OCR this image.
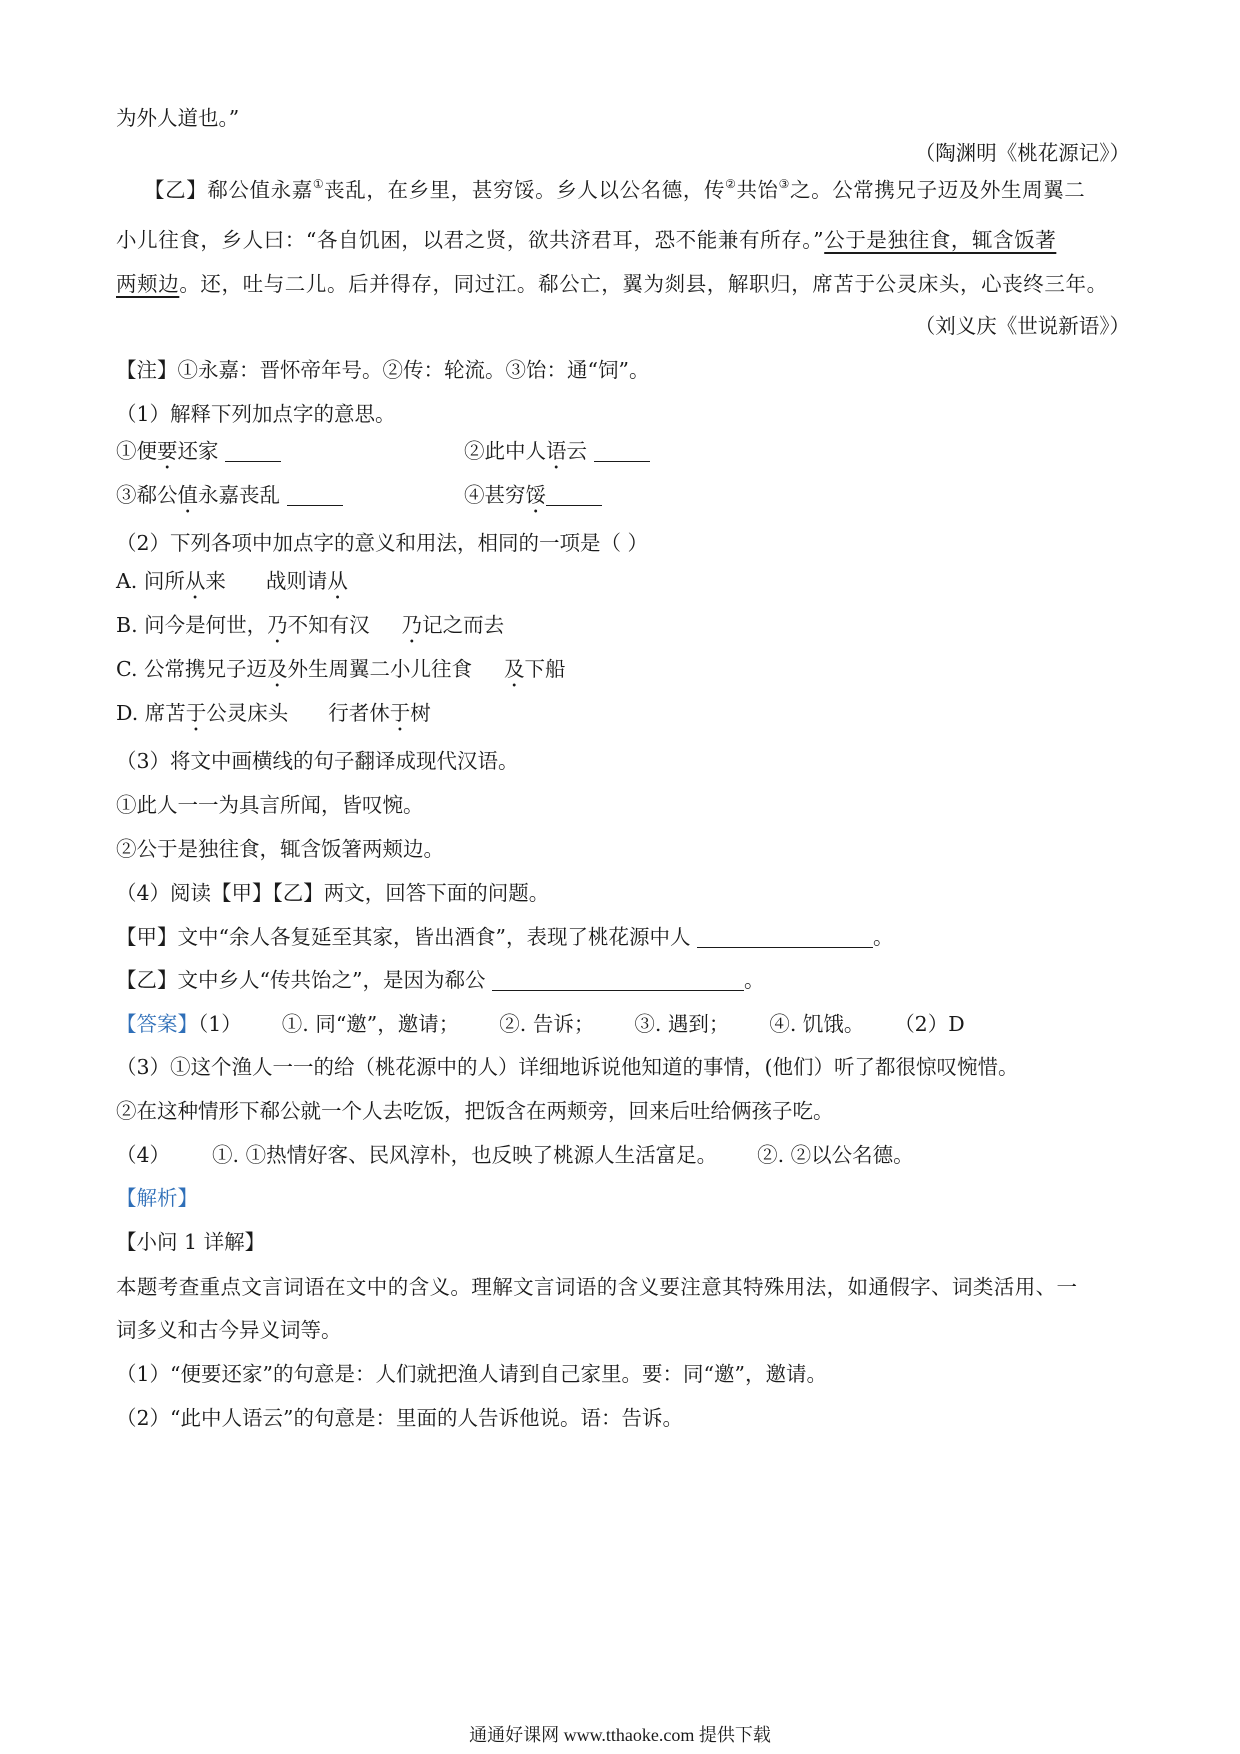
为外人道也。”
（陶渊明《桃花源记》）
【乙】郗公值永嘉①丧乱，在乡里，甚穷馁。乡人以公名德，传②共饴③之。公常携兄子迈及外生周翼二
小儿往食，乡人曰：“各自饥困，以君之贤，欲共济君耳，恐不能兼有所存。”公于是独往食，辄含饭著
两颊边。还，吐与二儿。后并得存，同过江。郗公亡，翼为剡县，解职归，席苫于公灵床头，心丧终三年。
（刘义庆《世说新语》）
【注】①永嘉：晋怀帝年号。②传：轮流。③饴：通“饲”。
（1）解释下列加点字的意思。
①便要还家	②此中人语云
③郗公值永嘉丧乱	④甚穷馁
（2）下列各项中加点字的意义和用法，相同的一项是（ ）
A. 问所从来 战则请从
B. 问今是何世，乃不知有汉 乃记之而去
C. 公常携兄子迈及外生周翼二小儿往食 及下船
D. 席苫于公灵床头 行者休于树
（3）将文中画横线的句子翻译成现代汉语。
①此人一一为具言所闻，皆叹惋。
②公于是独往食，辄含饭箸两颊边。
（4）阅读【甲】【乙】两文，回答下面的问题。
【甲】文中“余人各复延至其家，皆出酒食”，表现了桃花源中人	。
【乙】文中乡人“传共饴之”，是因为郗公	。
【答案】（1） ①. 同“邀”，邀请； ②. 告诉； ③. 遇到； ④. 饥饿。 （2）D
（3）①这个渔人一一的给（桃花源中的人）详细地诉说他知道的事情，(他们）听了都很惊叹惋惜。
②在这种情形下郗公就一个人去吃饭，把饭含在两颊旁，回来后吐给俩孩子吃。
（4） ①. ①热情好客、民风淳朴，也反映了桃源人生活富足。 ②. ②以公名德。
【解析】
【小问 1 详解】
本题考查重点文言词语在文中的含义。理解文言词语的含义要注意其特殊用法，如通假字、词类活用、一
词多义和古今异义词等。
（1）“便要还家”的句意是：人们就把渔人请到自己家里。要：同“邀”，邀请。
（2）“此中人语云”的句意是：里面的人告诉他说。语：告诉。
通通好课网 www.tthaoke.com 提供下载
